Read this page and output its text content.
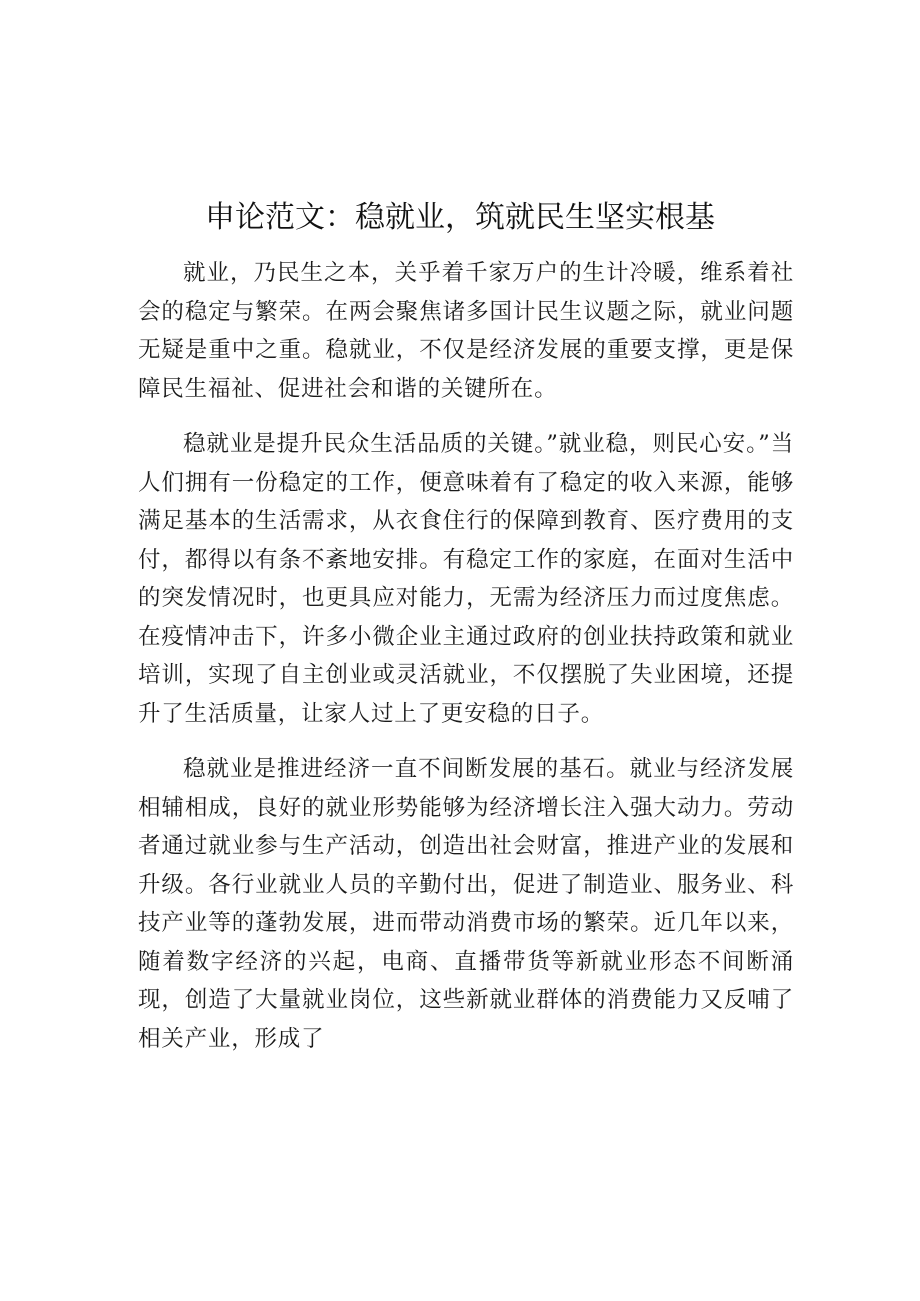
申论范文：稳就业，筑就民生坚实根基

就业，乃民生之本，关乎着千家万户的生计冷暖，维系着社会的稳定与繁荣。在两会聚焦诸多国计民生议题之际，就业问题无疑是重中之重。稳就业，不仅是经济发展的重要支撑，更是保障民生福祉、促进社会和谐的关键所在。

稳就业是提升民众生活品质的关键。”就业稳，则民心安。”当人们拥有一份稳定的工作，便意味着有了稳定的收入来源，能够满足基本的生活需求，从衣食住行的保障到教育、医疗费用的支付，都得以有条不紊地安排。有稳定工作的家庭，在面对生活中的突发情况时，也更具应对能力，无需为经济压力而过度焦虑。在疫情冲击下，许多小微企业主通过政府的创业扶持政策和就业培训，实现了自主创业或灵活就业，不仅摆脱了失业困境，还提升了生活质量，让家人过上了更安稳的日子。

稳就业是推进经济一直不间断发展的基石。就业与经济发展相辅相成，良好的就业形势能够为经济增长注入强大动力。劳动者通过就业参与生产活动，创造出社会财富，推进产业的发展和升级。各行业就业人员的辛勤付出，促进了制造业、服务业、科技产业等的蓬勃发展，进而带动消费市场的繁荣。近几年以来，随着数字经济的兴起，电商、直播带货等新就业形态不间断涌现，创造了大量就业岗位，这些新就业群体的消费能力又反哺了相关产业，形成了
